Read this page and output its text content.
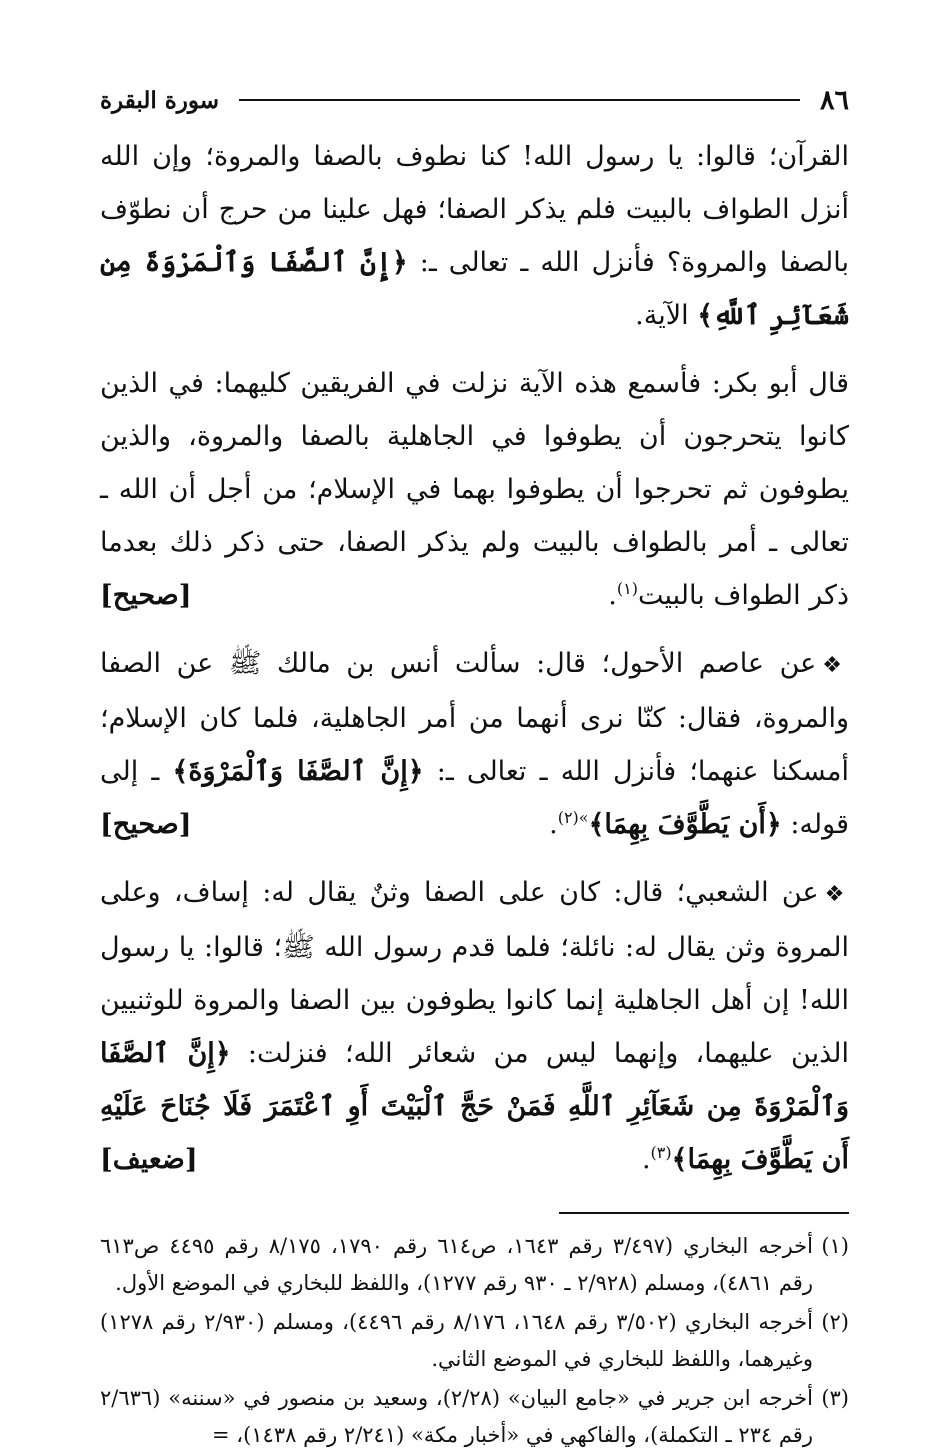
٨٦
سورة البقرة

القرآن؛ قالوا: يا رسول الله! كنا نطوف بالصفا والمروة؛ وإن الله أنزل الطواف بالبيت فلم يذكر الصفا؛ فهل علينا من حرج أن نطوّف بالصفا والمروة؟ فأنزل الله ـ تعالى ـ: ﴿إِنَّ ٱلصَّفَا وَٱلْمَرْوَةَ مِن شَعَآئِرِ ٱللَّهِ﴾ الآية.

قال أبو بكر: فأسمع هذه الآية نزلت في الفريقين كليهما: في الذين كانوا يتحرجون أن يطوفوا في الجاهلية بالصفا والمروة، والذين يطوفون ثم تحرجوا أن يطوفوا بهما في الإسلام؛ من أجل أن الله ـ تعالى ـ أمر بالطواف بالبيت ولم يذكر الصفا، حتى ذكر ذلك بعدما ذكر الطواف بالبيت$^{(١)}$.
[صحيح]

❖عن عاصم الأحول؛ قال: سألت أنس بن مالك ﷺ عن الصفا والمروة، فقال: كنّا نرى أنهما من أمر الجاهلية، فلما كان الإسلام؛ أمسكنا عنهما؛ فأنزل الله ـ تعالى ـ: ﴿إِنَّ ٱلصَّفَا وَٱلْمَرْوَةَ﴾ ـ إلى قوله: ﴿أَن يَطَّوَّفَ بِهِمَا﴾$^{»(٢)}$.
[صحيح]

❖عن الشعبي؛ قال: كان على الصفا وثنٌ يقال له: إساف، وعلى المروة وثن يقال له: نائلة؛ فلما قدم رسول الله ﷺ؛ قالوا: يا رسول الله! إن أهل الجاهلية إنما كانوا يطوفون بين الصفا والمروة للوثنيين الذين عليهما، وإنهما ليس من شعائر الله؛ فنزلت: ﴿إِنَّ ٱلصَّفَا وَٱلْمَرْوَةَ مِن شَعَآئِرِ ٱللَّهِ فَمَنْ حَجَّ ٱلْبَيْتَ أَوِ ٱعْتَمَرَ فَلَا جُنَاحَ عَلَيْهِ أَن يَطَّوَّفَ بِهِمَا﴾$^{(٣)}$.
[ضعيف]

(١)
أخرجه البخاري (٣/٤٩٧ رقم ١٦٤٣، ص٦١٤ رقم ١٧٩٠، ٨/١٧٥ رقم ٤٤٩٥ ص٦١٣ رقم ٤٨٦١)، ومسلم (٢/٩٢٨ ـ ٩٣٠ رقم ١٢٧٧)، واللفظ للبخاري في الموضع الأول.
(٢)
أخرجه البخاري (٣/٥٠٢ رقم ١٦٤٨، ٨/١٧٦ رقم ٤٤٩٦)، ومسلم (٢/٩٣٠ رقم ١٢٧٨) وغيرهما، واللفظ للبخاري في الموضع الثاني.
(٣)
أخرجه ابن جرير في «جامع البيان» (٢/٢٨)، وسعيد بن منصور في «سننه» (٢/٦٣٦ رقم ٢٣٤ ـ التكملة)، والفاكهي في «أخبار مكة» (٢/٢٤١ رقم ١٤٣٨)، =
